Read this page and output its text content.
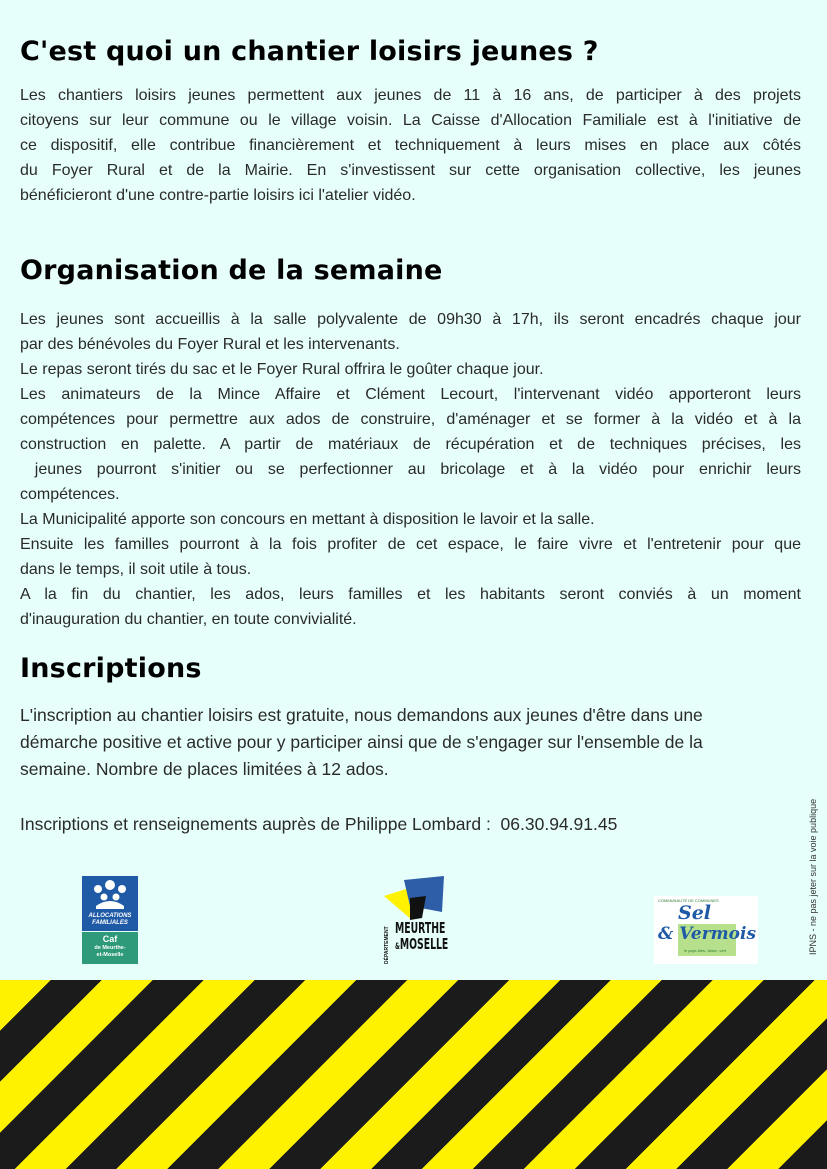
C'est quoi un chantier loisirs jeunes ?
Les chantiers loisirs jeunes permettent aux jeunes de 11 à 16 ans, de participer à des projets
citoyens sur leur commune ou le village voisin. La Caisse d'Allocation Familiale est à l'initiative de
ce dispositif, elle contribue financièrement et techniquement à leurs mises en place aux côtés
du Foyer Rural et de la Mairie. En s'investissent sur cette organisation collective, les jeunes
bénéficieront d'une contre-partie loisirs ici l'atelier vidéo.
Organisation de la semaine
Les jeunes sont accueillis à la salle polyvalente de 09h30 à 17h, ils seront encadrés chaque jour
par des bénévoles du Foyer Rural et les intervenants.
Le repas seront tirés du sac et le Foyer Rural offrira le goûter chaque jour.
Les animateurs de la Mince Affaire et Clément Lecourt, l'intervenant vidéo apporteront leurs
compétences pour permettre aux ados de construire, d'aménager et se former à la vidéo et à la
construction en palette. A partir de matériaux de récupération et de techniques précises, les
jeunes pourront s'initier ou se perfectionner au bricolage et à la vidéo pour enrichir leurs
compétences.
La Municipalité apporte son concours en mettant à disposition le lavoir et la salle.
Ensuite les familles pourront à la fois profiter de cet espace, le faire vivre et l'entretenir pour que
dans le temps, il soit utile à tous.
A la fin du chantier, les ados, leurs familles et les habitants seront conviés à un moment
d'inauguration du chantier, en toute convivialité.
Inscriptions
L'inscription au chantier loisirs est gratuite, nous demandons aux jeunes d'être dans une
démarche positive et active pour y participer ainsi que de s'engager sur l'ensemble de la
semaine. Nombre de places limitées à 12 ados.
Inscriptions et renseignements auprès de Philippe Lombard :  06.30.94.91.45	IPNS - ne pas jeter sur la voie publique
ALLOCATIONS
FAMILIALES
Caf
de Meurthe-
et-Moselle	DÉPARTEMENT MEURTHE
&MOSELLE
COMMUNAUTÉ DE COMMUNES
Sel
& Vermois
le pays bleu, blanc, vert
